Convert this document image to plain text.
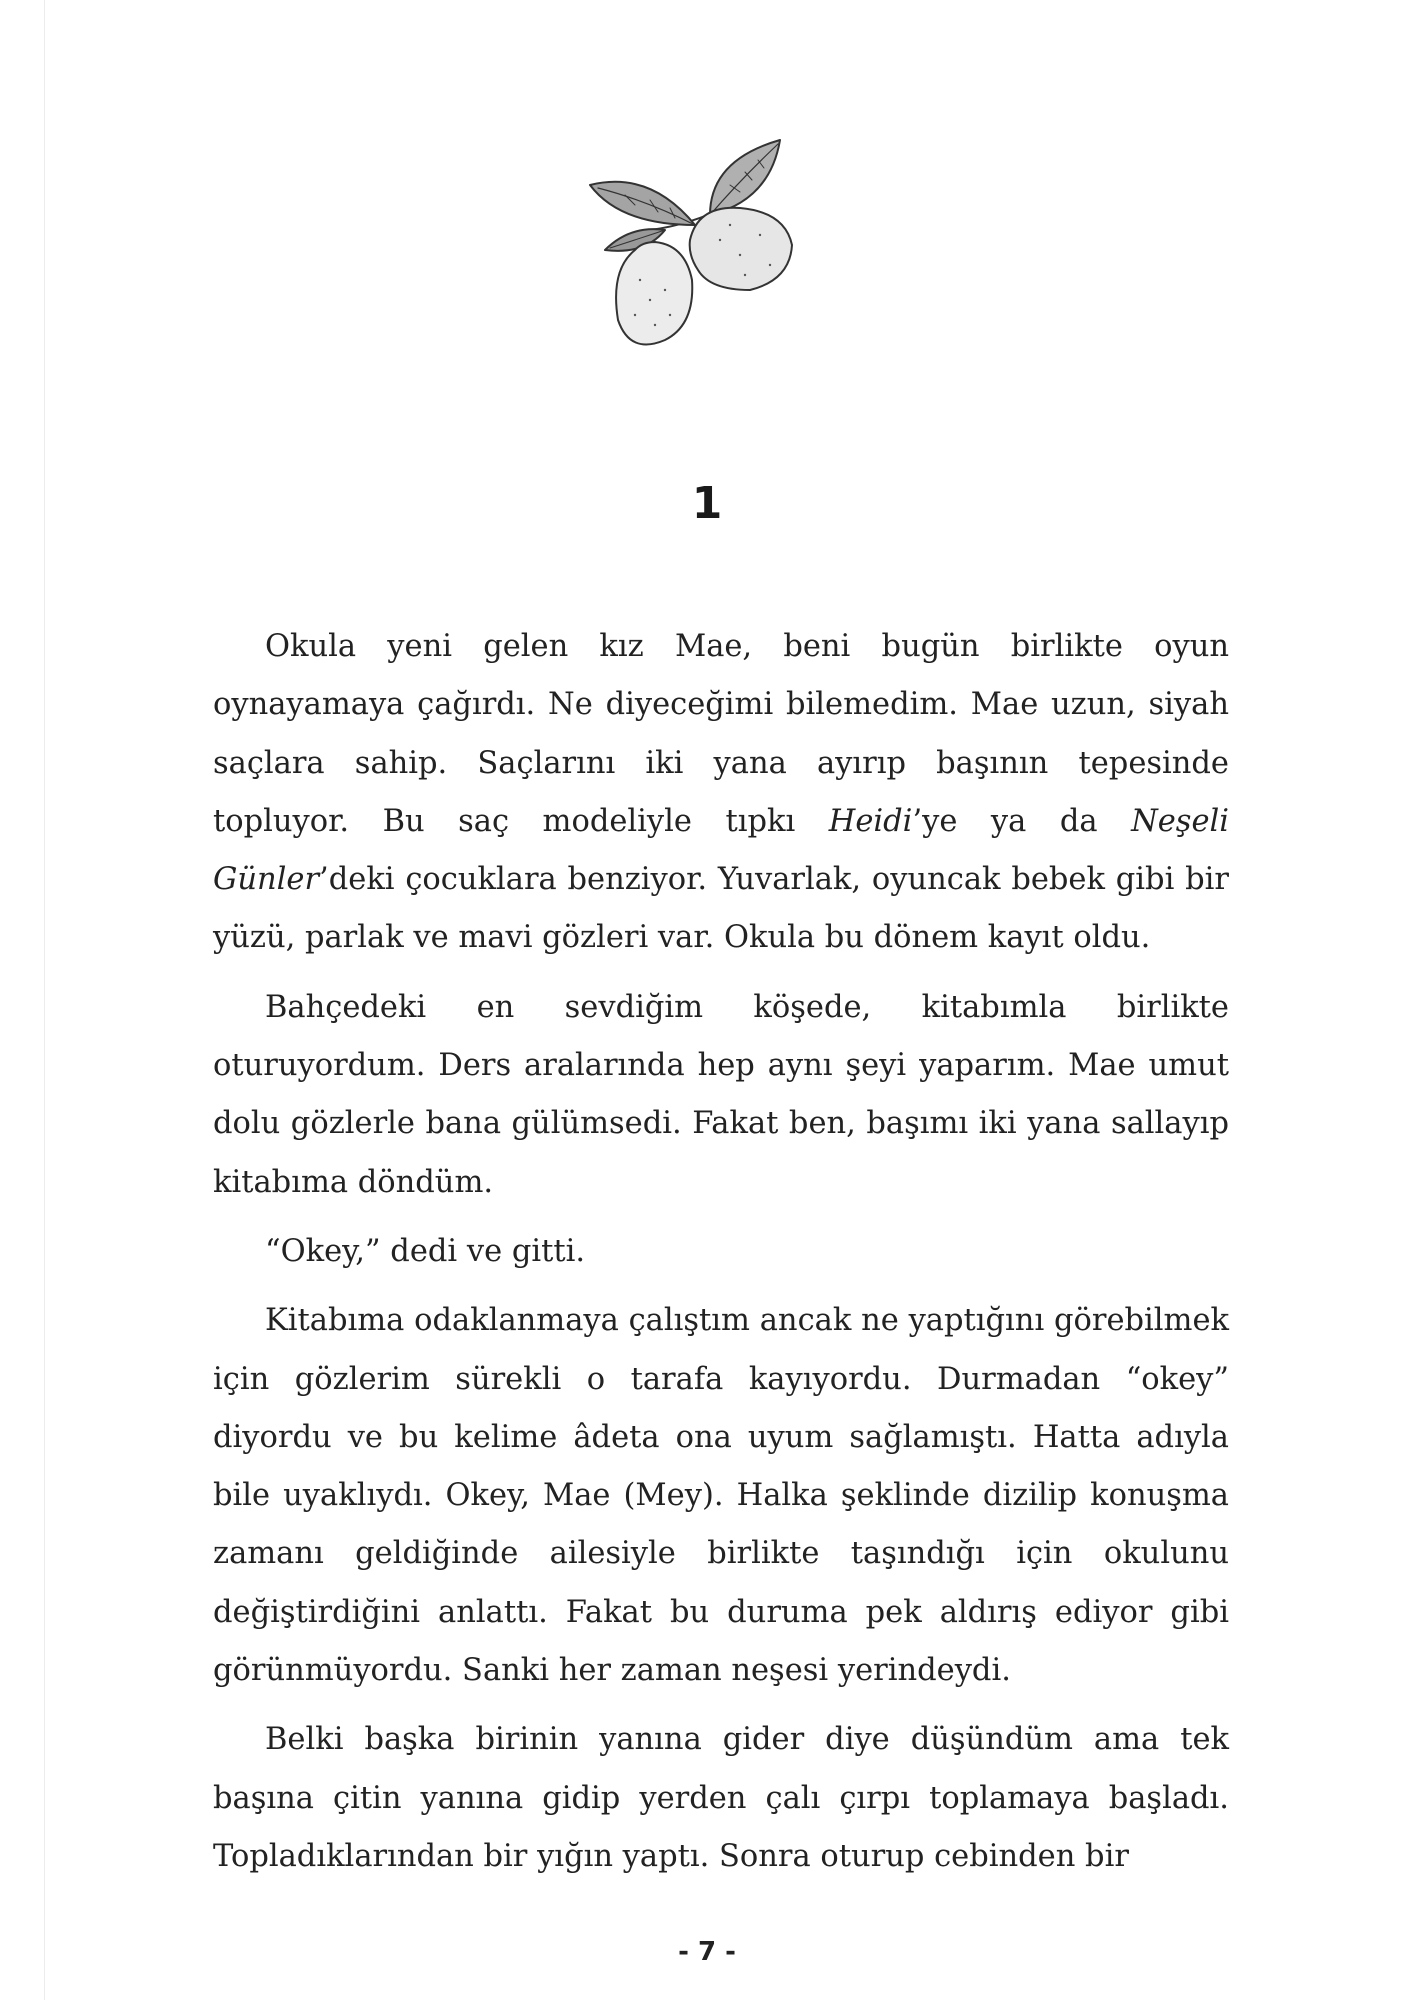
1

Okula yeni gelen kız Mae, beni bugün birlikte oyun oynayamaya çağırdı. Ne diyeceğimi bilemedim. Mae uzun, siyah saçlara sahip. Saçlarını iki yana ayırıp başının tepesinde topluyor. Bu saç modeliyle tıpkı Heidi’ye ya da Neşeli Günler’deki çocuklara benziyor. Yuvarlak, oyuncak bebek gibi bir yüzü, parlak ve mavi gözleri var. Okula bu dönem kayıt oldu.

Bahçedeki en sevdiğim köşede, kitabımla birlikte oturuyordum. Ders aralarında hep aynı şeyi yaparım. Mae umut dolu gözlerle bana gülümsedi. Fakat ben, başımı iki yana sallayıp kitabıma döndüm.

“Okey,” dedi ve gitti.

Kitabıma odaklanmaya çalıştım ancak ne yaptığını görebilmek için gözlerim sürekli o tarafa kayıyordu. Durmadan “okey” diyordu ve bu kelime âdeta ona uyum sağlamıştı. Hatta adıyla bile uyaklıydı. Okey, Mae (Mey). Halka şeklinde dizilip konuşma zamanı geldiğinde ailesiyle birlikte taşındığı için okulunu değiştirdiğini anlattı. Fakat bu duruma pek aldırış ediyor gibi görünmüyordu. Sanki her zaman neşesi yerindeydi.

Belki başka birinin yanına gider diye düşündüm ama tek başına çitin yanına gidip yerden çalı çırpı toplamaya başladı. Topladıklarından bir yığın yaptı. Sonra oturup cebinden bir

- 7 -
